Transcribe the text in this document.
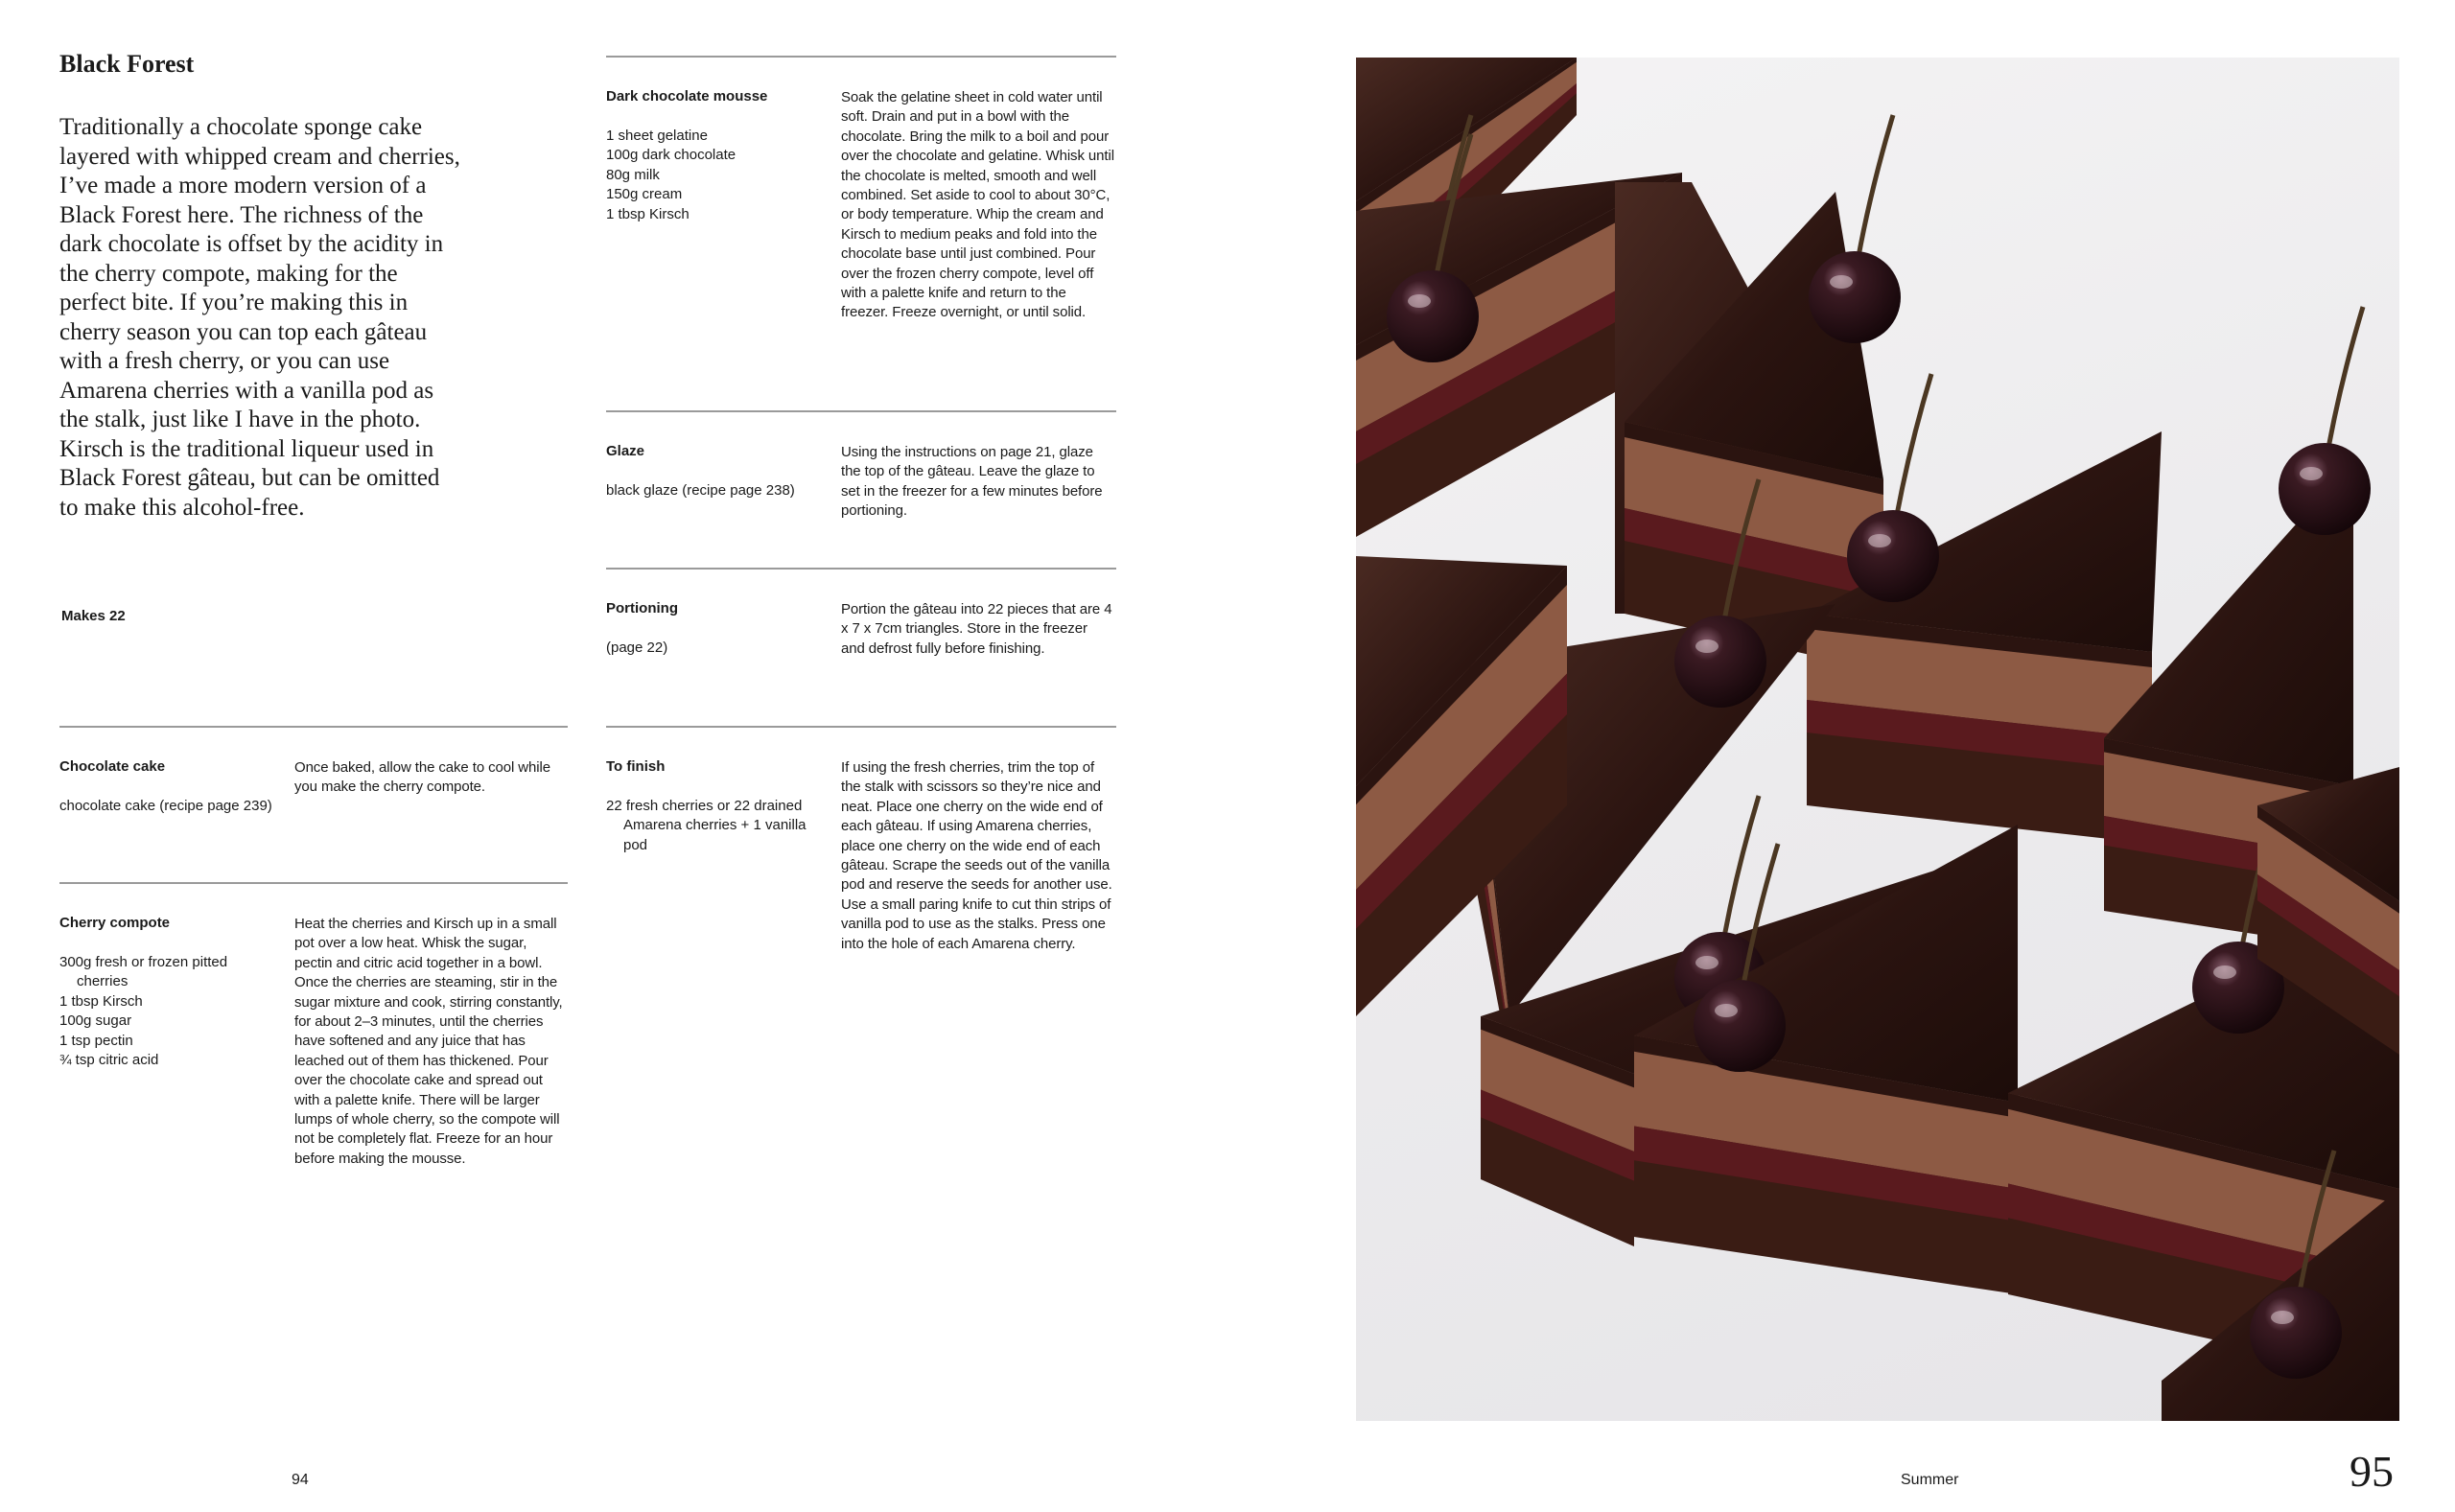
Black Forest

Traditionally a chocolate sponge cake layered with whipped cream and cherries, I’ve made a more modern version of a Black Forest here. The richness of the dark chocolate is offset by the acidity in the cherry compote, making for the perfect bite. If you’re making this in cherry season you can top each gâteau with a fresh cherry, or you can use Amarena cherries with a vanilla pod as the stalk, just like I have in the photo. Kirsch is the traditional liqueur used in Black Forest gâteau, but can be omitted to make this alcohol-free.

Makes 22

Chocolate cake
chocolate cake (recipe page 239)

Once baked, allow the cake to cool while you make the cherry compote.

Cherry compote
300g fresh or frozen pitted cherries
1 tbsp Kirsch
100g sugar
1 tsp pectin
¾ tsp citric acid

Heat the cherries and Kirsch up in a small pot over a low heat. Whisk the sugar, pectin and citric acid together in a bowl. Once the cherries are steaming, stir in the sugar mixture and cook, stirring constantly, for about 2–3 minutes, until the cherries have softened and any juice that has leached out of them has thickened. Pour over the chocolate cake and spread out with a palette knife. There will be larger lumps of whole cherry, so the compote will not be completely flat. Freeze for an hour before making the mousse.

Dark chocolate mousse
1 sheet gelatine
100g dark chocolate
80g milk
150g cream
1 tbsp Kirsch

Soak the gelatine sheet in cold water until soft. Drain and put in a bowl with the chocolate. Bring the milk to a boil and pour over the chocolate and gelatine. Whisk until the chocolate is melted, smooth and well combined. Set aside to cool to about 30°C, or body temperature. Whip the cream and Kirsch to medium peaks and fold into the chocolate base until just combined. Pour over the frozen cherry compote, level off with a palette knife and return to the freezer. Freeze overnight, or until solid.

Glaze
black glaze (recipe page 238)

Using the instructions on page 21, glaze the top of the gâteau. Leave the glaze to set in the freezer for a few minutes before portioning.

Portioning
(page 22)

Portion the gâteau into 22 pieces that are 4 x 7 x 7cm triangles. Store in the freezer and defrost fully before finishing.

To finish
22 fresh cherries or 22 drained Amarena cherries + 1 vanilla pod

If using the fresh cherries, trim the top of the stalk with scissors so they’re nice and neat. Place one cherry on the wide end of each gâteau. If using Amarena cherries, place one cherry on the wide end of each gâteau. Scrape the seeds out of the vanilla pod and reserve the seeds for another use. Use a small paring knife to cut thin strips of vanilla pod to use as the stalks. Press one into the hole of each Amarena cherry.

94	Summer	95
